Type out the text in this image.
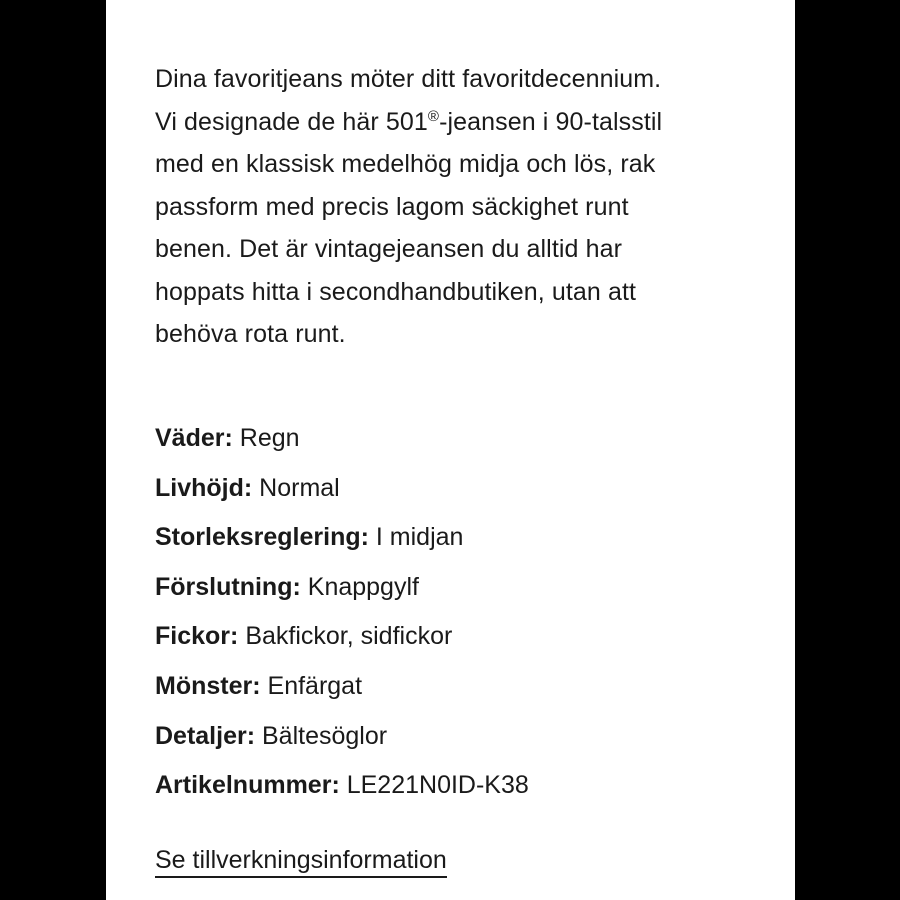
Dina favoritjeans möter ditt favoritdecennium.
Vi designade de här 501®-jeansen i 90-talsstil
med en klassisk medelhög midja och lös, rak
passform med precis lagom säckighet runt
benen. Det är vintagejeansen du alltid har
hoppats hitta i secondhandbutiken, utan att
behöva rota runt.

Väder: Regn
Livhöjd: Normal
Storleksreglering: I midjan
Förslutning: Knappgylf
Fickor: Bakfickor, sidfickor
Mönster: Enfärgat
Detaljer: Bältesöglor
Artikelnummer: LE221N0ID-K38
Se tillverkningsinformation
